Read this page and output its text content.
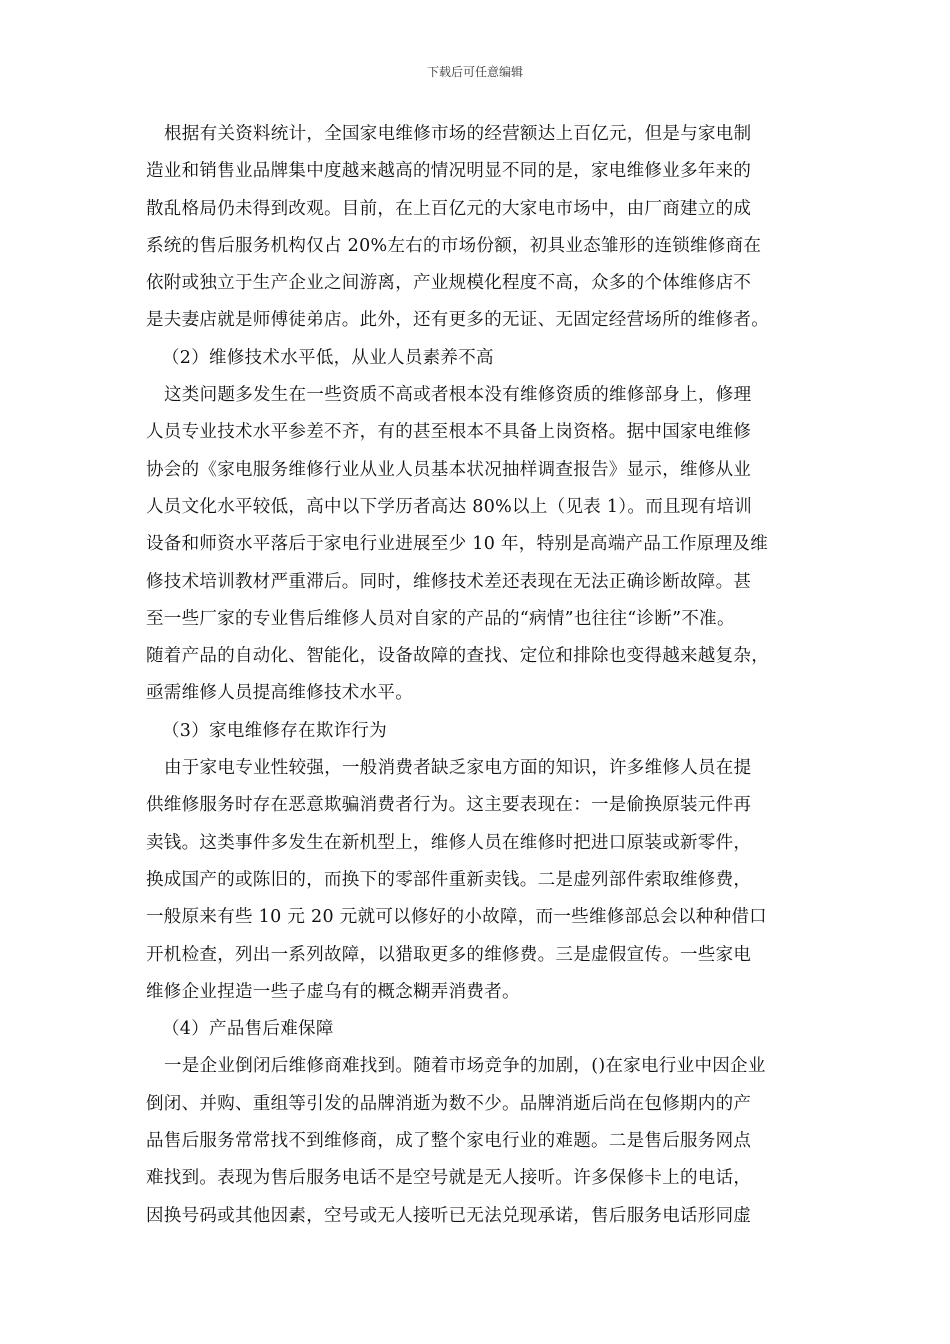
下载后可任意编辑
根据有关资料统计，全国家电维修市场的经营额达上百亿元，但是与家电制
造业和销售业品牌集中度越来越高的情况明显不同的是，家电维修业多年来的
散乱格局仍未得到改观。目前，在上百亿元的大家电市场中，由厂商建立的成
系统的售后服务机构仅占 20%左右的市场份额，初具业态雏形的连锁维修商在
依附或独立于生产企业之间游离，产业规模化程度不高，众多的个体维修店不
是夫妻店就是师傅徒弟店。此外，还有更多的无证、无固定经营场所的维修者。
（2）维修技术水平低，从业人员素养不高
这类问题多发生在一些资质不高或者根本没有维修资质的维修部身上，修理
人员专业技术水平参差不齐，有的甚至根本不具备上岗资格。据中国家电维修
协会的《家电服务维修行业从业人员基本状况抽样调查报告》显示，维修从业
人员文化水平较低，高中以下学历者高达 80%以上（见表 1）。而且现有培训
设备和师资水平落后于家电行业进展至少 10 年，特别是高端产品工作原理及维
修技术培训教材严重滞后。同时，维修技术差还表现在无法正确诊断故障。甚
至一些厂家的专业售后维修人员对自家的产品的“病情”也往往“诊断”不准。
随着产品的自动化、智能化，设备故障的查找、定位和排除也变得越来越复杂，
亟需维修人员提高维修技术水平。
（3）家电维修存在欺诈行为
由于家电专业性较强，一般消费者缺乏家电方面的知识，许多维修人员在提
供维修服务时存在恶意欺骗消费者行为。这主要表现在：一是偷换原装元件再
卖钱。这类事件多发生在新机型上，维修人员在维修时把进口原装或新零件，
换成国产的或陈旧的，而换下的零部件重新卖钱。二是虚列部件索取维修费，
一般原来有些 10 元 20 元就可以修好的小故障，而一些维修部总会以种种借口
开机检查，列出一系列故障，以猎取更多的维修费。三是虚假宣传。一些家电
维修企业捏造一些子虚乌有的概念糊弄消费者。
（4）产品售后难保障
一是企业倒闭后维修商难找到。随着市场竞争的加剧，()在家电行业中因企业
倒闭、并购、重组等引发的品牌消逝为数不少。品牌消逝后尚在包修期内的产
品售后服务常常找不到维修商，成了整个家电行业的难题。二是售后服务网点
难找到。表现为售后服务电话不是空号就是无人接听。许多保修卡上的电话，
因换号码或其他因素，空号或无人接听已无法兑现承诺，售后服务电话形同虚
